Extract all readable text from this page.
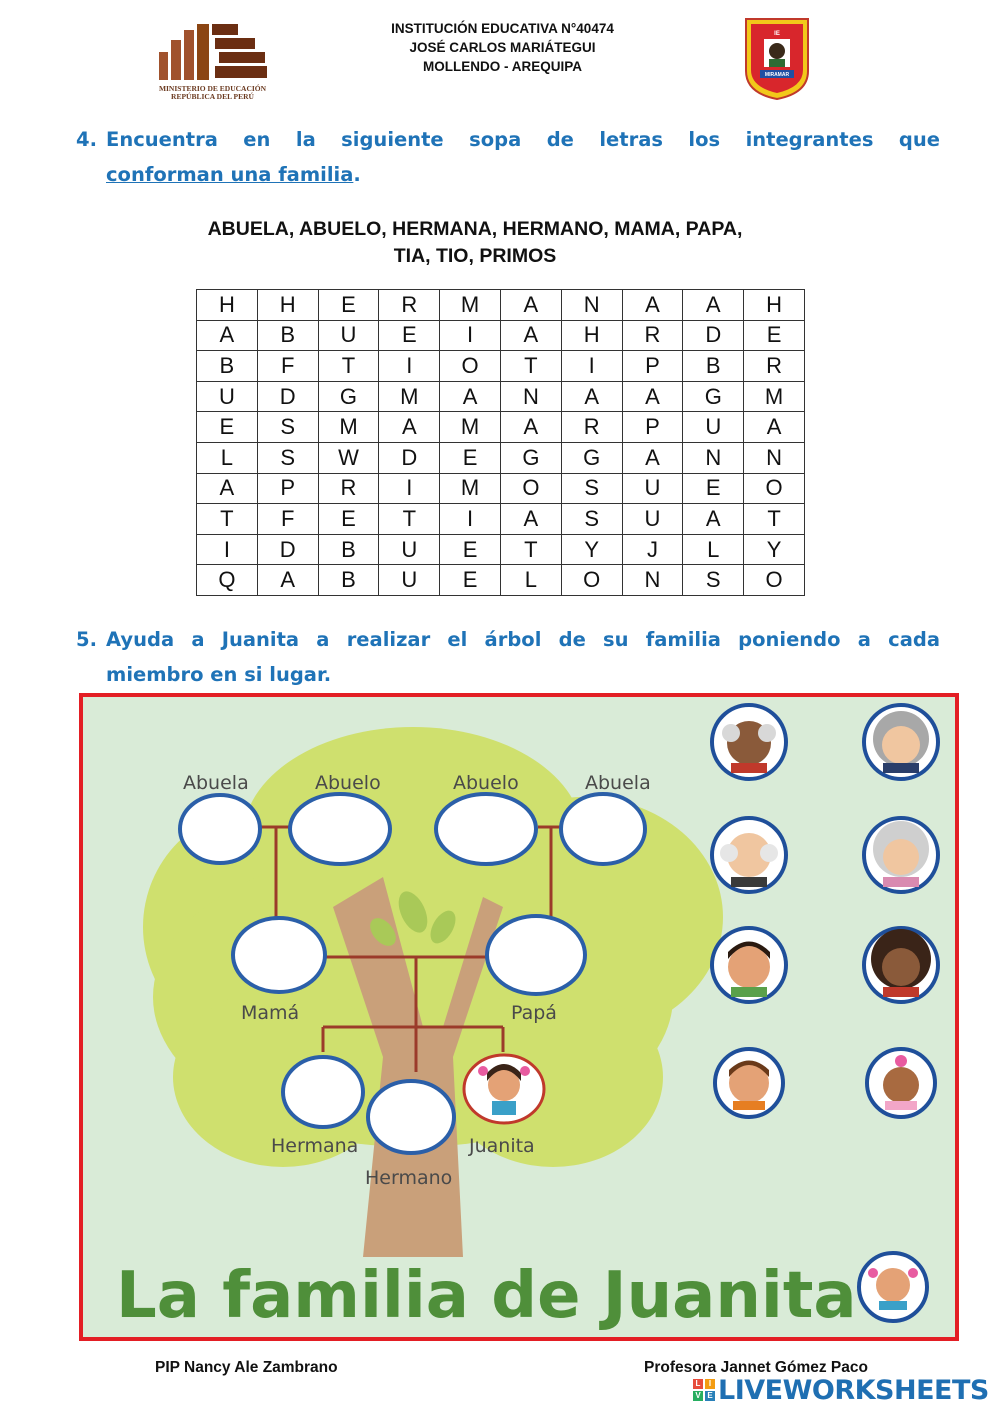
MINISTERIO DE EDUCACIÓN
REPÚBLICA DEL PERÚ
INSTITUCIÓN EDUCATIVA N°40474
JOSÉ CARLOS MARIÁTEGUI
MOLLENDO - AREQUIPA
IE
MIRAMAR
4. Encuentra en la siguiente sopa de letras los integrantes que
conforman una familia.
ABUELA, ABUELO, HERMANA, HERMANO, MAMA, PAPA,
TIA, TIO, PRIMOS
H	H	E	R	M	A	N	A	A	H
A	B	U	E	I	A	H	R	D	E
B	F	T	I	O	T	I	P	B	R
U	D	G	M	A	N	A	A	G	M
E	S	M	A	M	A	R	P	U	A
L	S	W	D	E	G	G	A	N	N
A	P	R	I	M	O	S	U	E	O
T	F	E	T	I	A	S	U	A	T
I	D	B	U	E	T	Y	J	L	Y
Q	A	B	U	E	L	O	N	S	O
5. Ayuda a Juanita a realizar el árbol de su familia poniendo a cada
miembro en si lugar.
Abuela	Abuelo	Abuelo	Abuela
Mamá	Papá
Hermana
Hermano
Juanita
La familia de Juanita
PIP Nancy Ale Zambrano	Profesora Jannet Gómez Paco
L	I
V E LIVEWORKSHEETS
